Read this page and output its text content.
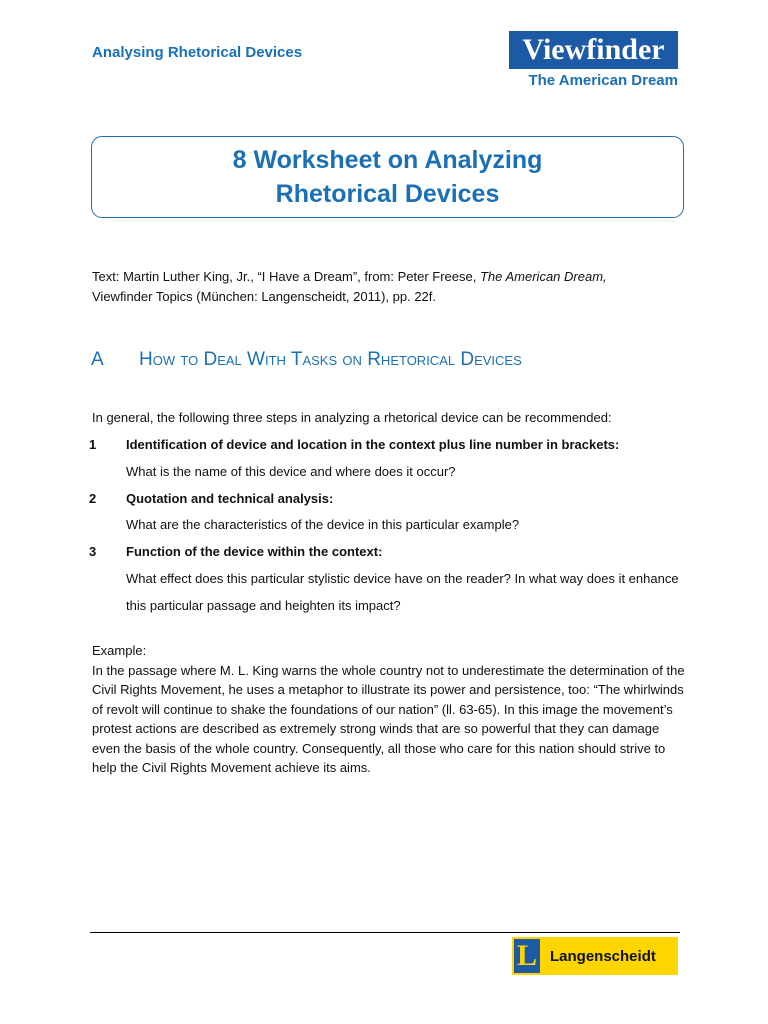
Analysing Rhetorical Devices	Viewfinder
The American Dream
8 Worksheet on Analyzing
Rhetorical Devices
Text: Martin Luther King, Jr., “I Have a Dream”, from: Peter Freese, The American Dream,
Viewfinder Topics (München: Langenscheidt, 2011), pp. 22f.
A How to Deal With Tasks on Rhetorical Devices
In general, the following three steps in analyzing a rhetorical device can be recommended:
1 Identification of device and location in the context plus line number in brackets:
What is the name of this device and where does it occur?
2 Quotation and technical analysis:
What are the characteristics of the device in this particular example?
3 Function of the device within the context:
What effect does this particular stylistic device have on the reader? In what way does it enhance this particular passage and heighten its impact?
Example:
In the passage where M. L. King warns the whole country not to underestimate the determination of the Civil Rights Movement, he uses a metaphor to illustrate its power and persistence, too: “The whirlwinds of revolt will continue to shake the foundations of our nation” (ll. 63-65). In this image the movement’s protest actions are described as extremely strong winds that are so powerful that they can damage even the basis of the whole country. Consequently, all those who care for this nation should strive to help the Civil Rights Movement achieve its aims.
L Langenscheidt
